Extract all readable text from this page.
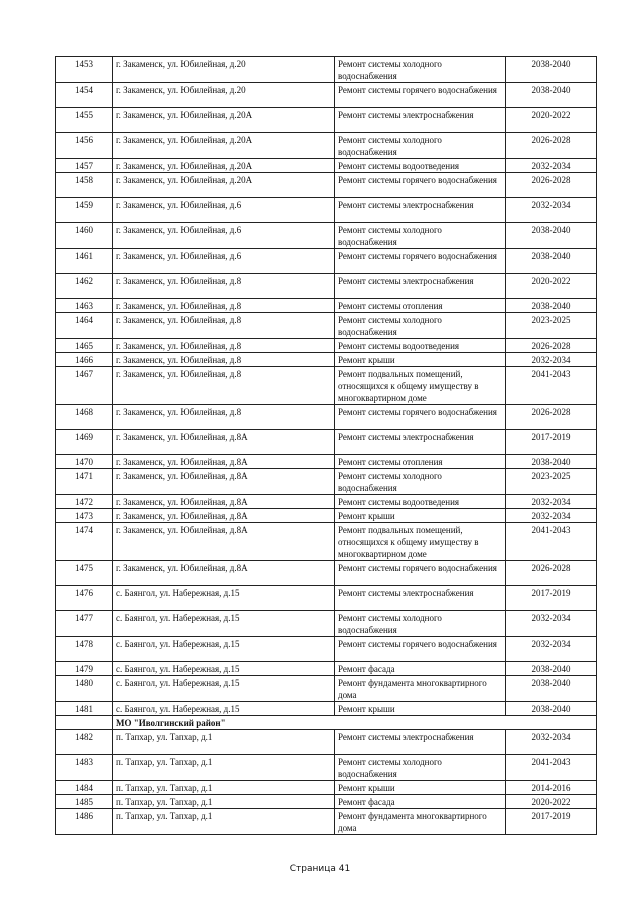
1453	г. Закаменск, ул. Юбилейная, д.20	Ремонт системы холодного водоснабжения	2038-2040
1454	г. Закаменск, ул. Юбилейная, д.20	Ремонт системы горячего водоснабжения	2038-2040
1455	г. Закаменск, ул. Юбилейная, д.20А	Ремонт системы электроснабжения	2020-2022
1456	г. Закаменск, ул. Юбилейная, д.20А	Ремонт системы холодного водоснабжения	2026-2028
1457	г. Закаменск, ул. Юбилейная, д.20А	Ремонт системы водоотведения	2032-2034
1458	г. Закаменск, ул. Юбилейная, д.20А	Ремонт системы горячего водоснабжения	2026-2028
1459	г. Закаменск, ул. Юбилейная, д.6	Ремонт системы электроснабжения	2032-2034
1460	г. Закаменск, ул. Юбилейная, д.6	Ремонт системы холодного водоснабжения	2038-2040
1461	г. Закаменск, ул. Юбилейная, д.6	Ремонт системы горячего водоснабжения	2038-2040
1462	г. Закаменск, ул. Юбилейная, д.8	Ремонт системы электроснабжения	2020-2022
1463	г. Закаменск, ул. Юбилейная, д.8	Ремонт системы отопления	2038-2040
1464	г. Закаменск, ул. Юбилейная, д.8	Ремонт системы холодного водоснабжения	2023-2025
1465	г. Закаменск, ул. Юбилейная, д.8	Ремонт системы водоотведения	2026-2028
1466	г. Закаменск, ул. Юбилейная, д.8	Ремонт крыши	2032-2034
1467	г. Закаменск, ул. Юбилейная, д.8	Ремонт подвальных помещений, относящихся к общему имуществу в многоквартирном доме	2041-2043
1468	г. Закаменск, ул. Юбилейная, д.8	Ремонт системы горячего водоснабжения	2026-2028
1469	г. Закаменск, ул. Юбилейная, д.8А	Ремонт системы электроснабжения	2017-2019
1470	г. Закаменск, ул. Юбилейная, д.8А	Ремонт системы отопления	2038-2040
1471	г. Закаменск, ул. Юбилейная, д.8А	Ремонт системы холодного водоснабжения	2023-2025
1472	г. Закаменск, ул. Юбилейная, д.8А	Ремонт системы водоотведения	2032-2034
1473	г. Закаменск, ул. Юбилейная, д.8А	Ремонт крыши	2032-2034
1474	г. Закаменск, ул. Юбилейная, д.8А	Ремонт подвальных помещений, относящихся к общему имуществу в многоквартирном доме	2041-2043
1475	г. Закаменск, ул. Юбилейная, д.8А	Ремонт системы горячего водоснабжения	2026-2028
1476	с. Баянгол, ул. Набережная, д.15	Ремонт системы электроснабжения	2017-2019
1477	с. Баянгол, ул. Набережная, д.15	Ремонт системы холодного водоснабжения	2032-2034
1478	с. Баянгол, ул. Набережная, д.15	Ремонт системы горячего водоснабжения	2032-2034
1479	с. Баянгол, ул. Набережная, д.15	Ремонт фасада	2038-2040
1480	с. Баянгол, ул. Набережная, д.15	Ремонт фундамента многоквартирного дома	2038-2040
1481	с. Баянгол, ул. Набережная, д.15	Ремонт крыши	2038-2040
	МО "Иволгинский район"		
1482	п. Тапхар, ул. Тапхар, д.1	Ремонт системы электроснабжения	2032-2034
1483	п. Тапхар, ул. Тапхар, д.1	Ремонт системы холодного водоснабжения	2041-2043
1484	п. Тапхар, ул. Тапхар, д.1	Ремонт крыши	2014-2016
1485	п. Тапхар, ул. Тапхар, д.1	Ремонт фасада	2020-2022
1486	п. Тапхар, ул. Тапхар, д.1	Ремонт фундамента многоквартирного дома	2017-2019
Страница 41
